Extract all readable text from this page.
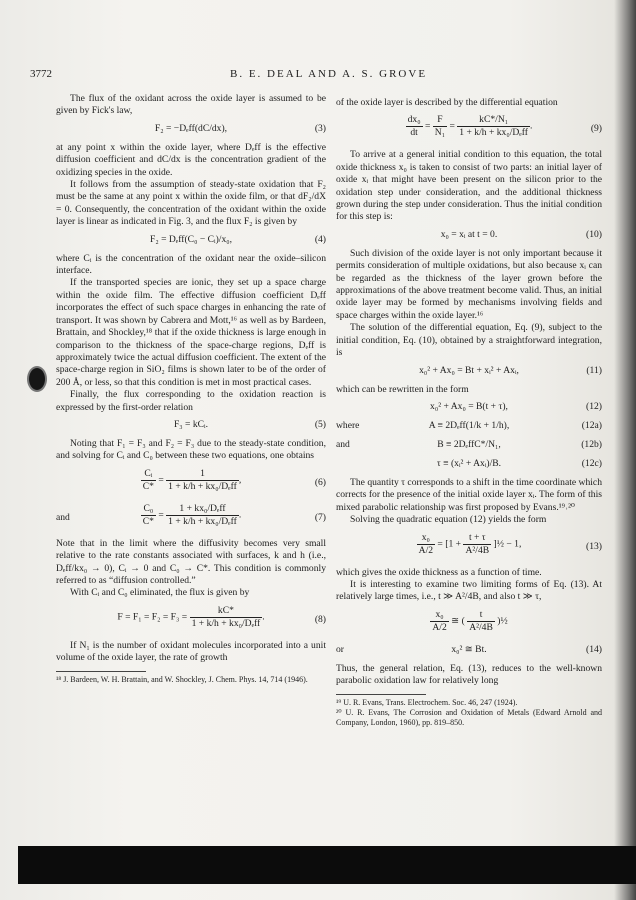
3772	B. E. DEAL AND A. S. GROVE

The flux of the oxidant across the oxide layer is assumed to be given by Fick's law,

F₂ = −Dₑff(dC/dx),	(3)

at any point x within the oxide layer, where Dₑff is the effective diffusion coefficient and dC/dx is the concentration gradient of the oxidizing species in the oxide.

It follows from the assumption of steady-state oxidation that F₂ must be the same at any point x within the oxide film, or that dF₂/dX = 0. Consequently, the concentration of the oxidant within the oxide layer is linear as indicated in Fig. 3, and the flux F₂ is given by

F₂ = Dₑff(C₀ − Cᵢ)/x₀,	(4)

where Cᵢ is the concentration of the oxidant near the oxide–silicon interface.

If the transported species are ionic, they set up a space charge within the oxide film. The effective diffusion coefficient Dₑff incorporates the effect of such space charges in enhancing the rate of transport. It was shown by Cabrera and Mott,¹⁶ as well as by Bardeen, Brattain, and Shockley,¹⁸ that if the oxide thickness is large enough in comparison to the thickness of the space-charge regions, Dₑff is approximately twice the actual diffusion coefficient. The extent of the space-charge region in SiO₂ films is shown later to be of the order of 200 Å, or less, so that this condition is met in most practical cases.

Finally, the flux corresponding to the oxidation reaction is expressed by the first-order relation

F₃ = kCᵢ.	(5)

Noting that F₁ = F₃ and F₂ = F₃ due to the steady-state condition, and solving for Cᵢ and C₀ between these two equations, one obtains

$\frac{\text{Cᵢ}}{C*} = \frac{1}{\text{1 + k/h + kx₀/Dₑff}}$ ,	(6)
and	$\frac{\text{C₀}}{C*} = \frac{\text{1 + kx₀/Dₑff}}{\text{1 + k/h + kx₀/Dₑff}}$ .	(7)

Note that in the limit where the diffusivity becomes very small relative to the rate constants associated with surfaces, k and h (i.e., Dₑff/kx₀ → 0), Cᵢ → 0 and C₀ → C*. This condition is commonly referred to as “diffusion controlled.”

With Cᵢ and C₀ eliminated, the flux is given by

$F = F_1 = F_2 = F_3 = \frac{kC*}{\text{1 + k/h + kx₀/Dₑff}}$ .	(8)

If N₁ is the number of oxidant molecules incorporated into a unit volume of the oxide layer, the rate of growth

¹⁸ J. Bardeen, W. H. Brattain, and W. Shockley, J. Chem. Phys. 14, 714 (1946).

of the oxide layer is described by the differential equation

$\frac{\text{dx₀}}{dt} = \frac{F}{\text{N₁}} = \frac{\text{kC*/N₁}}{\text{1 + k/h + kx₀/Dₑff}}$ .	(9)

To arrive at a general initial condition to this equation, the total oxide thickness x₀ is taken to consist of two parts: an initial layer of oxide xᵢ that might have been present on the silicon prior to the oxidation step under consideration, and the additional thickness grown during the step under consideration. Thus the initial condition for this step is:

x₀ = xᵢ at t = 0.	(10)

Such division of the oxide layer is not only important because it permits consideration of multiple oxidations, but also because xᵢ can be regarded as the thickness of the layer grown before the approximations of the above treatment become valid. Thus, an initial oxide layer may be formed by mechanisms involving fields and space charges within the oxide layer.¹⁶

The solution of the differential equation, Eq. (9), subject to the initial condition, Eq. (10), obtained by a straightforward integration, is

x₀² + Ax₀ = Bt + xᵢ² + Axᵢ,	(11)

which can be rewritten in the form

x₀² + Ax₀ = B(t + τ),	(12)
where	A ≡ 2Dₑff(1/k + 1/h),	(12a)
and	B ≡ 2DₑffC*/N₁,	(12b)
τ ≡ (xᵢ² + Axᵢ)/B.	(12c)

The quantity τ corresponds to a shift in the time coordinate which corrects for the presence of the initial oxide layer xᵢ. The form of this mixed parabolic relationship was first proposed by Evans.¹⁹˒²⁰

Solving the quadratic equation (12) yields the form

$\frac{\text{x₀}}{A/2} = [1 + \frac{t + \tau}{\text{A²/4B}}$ ]½ − 1,	(13)

which gives the oxide thickness as a function of time.

It is interesting to examine two limiting forms of Eq. (13). At relatively large times, i.e., t ≫ A²/4B, and also t ≫ τ,

$\frac{\text{x₀}}{A/2}$ ≅ ( $\frac{t}{\text{A²/4B}}$ )½
or	x₀² ≅ Bt.	(14)

Thus, the general relation, Eq. (13), reduces to the well-known parabolic oxidation law for relatively long

¹⁹ U. R. Evans, Trans. Electrochem. Soc. 46, 247 (1924).

²⁰ U. R. Evans, The Corrosion and Oxidation of Metals (Edward Arnold and Company, London, 1960), pp. 819–850.
